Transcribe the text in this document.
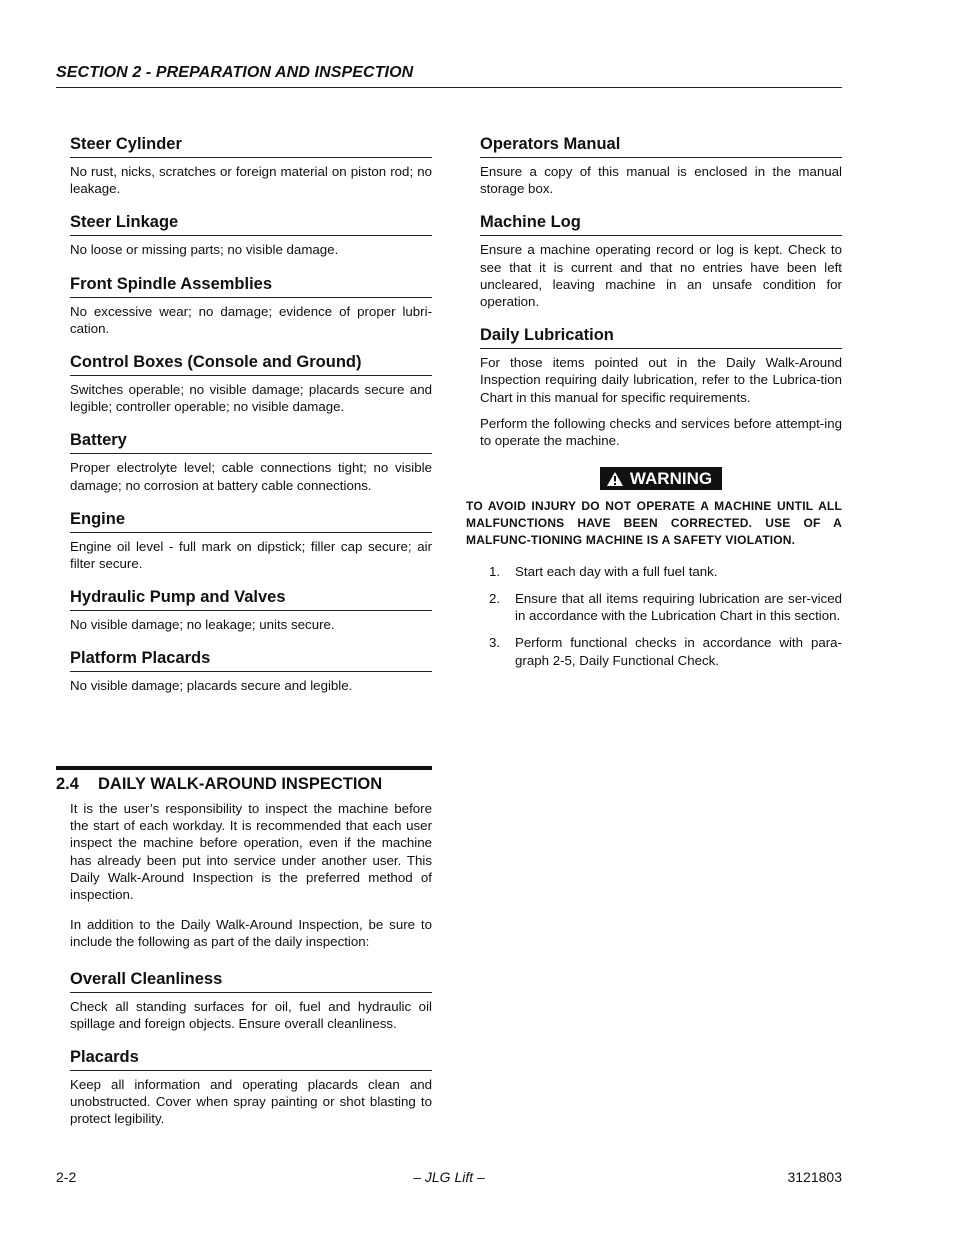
SECTION 2 - PREPARATION AND INSPECTION
Steer Cylinder

No rust, nicks, scratches or foreign material on piston rod; no leakage.

Steer Linkage

No loose or missing parts; no visible damage.

Front Spindle Assemblies

No excessive wear; no damage; evidence of proper lubri-cation.

Control Boxes (Console and Ground)

Switches operable; no visible damage; placards secure and legible; controller operable; no visible damage.

Battery

Proper electrolyte level; cable connections tight; no visible damage; no corrosion at battery cable connections.

Engine

Engine oil level - full mark on dipstick; filler cap secure; air filter secure.

Hydraulic Pump and Valves

No visible damage; no leakage; units secure.

Platform Placards

No visible damage; placards secure and legible.

2.4 DAILY WALK-AROUND INSPECTION

It is the user’s responsibility to inspect the machine before the start of each workday. It is recommended that each user inspect the machine before operation, even if the machine has already been put into service under another user. This Daily Walk-Around Inspection is the preferred method of inspection.

In addition to the Daily Walk-Around Inspection, be sure to include the following as part of the daily inspection:

Overall Cleanliness

Check all standing surfaces for oil, fuel and hydraulic oil spillage and foreign objects. Ensure overall cleanliness.

Placards

Keep all information and operating placards clean and unobstructed. Cover when spray painting or shot blasting to protect legibility.

Operators Manual

Ensure a copy of this manual is enclosed in the manual storage box.

Machine Log

Ensure a machine operating record or log is kept. Check to see that it is current and that no entries have been left uncleared, leaving machine in an unsafe condition for operation.

Daily Lubrication

For those items pointed out in the Daily Walk-Around Inspection requiring daily lubrication, refer to the Lubrica-tion Chart in this manual for specific requirements.

Perform the following checks and services before attempt-ing to operate the machine.

WARNING
TO AVOID INJURY DO NOT OPERATE A MACHINE UNTIL ALL MALFUNCTIONS HAVE BEEN CORRECTED. USE OF A MALFUNC-TIONING MACHINE IS A SAFETY VIOLATION.
1.	Start each day with a full fuel tank.
2.	Ensure that all items requiring lubrication are ser-viced in accordance with the Lubrication Chart in this section.
3.	Perform functional checks in accordance with para-graph 2-5, Daily Functional Check.
2-2	– JLG Lift –	3121803
